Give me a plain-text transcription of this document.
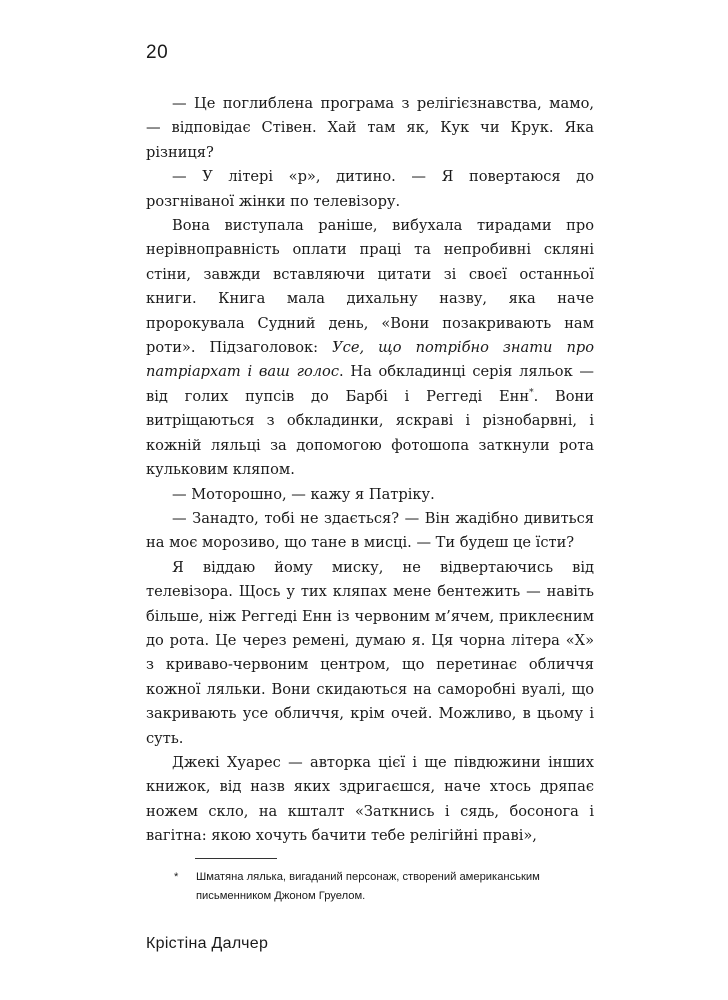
20

— Це поглиблена програма з релігієзнавства, мамо, — відповідає Стівен. Хай там як, Кук чи Крук. Яка різниця?

— У літері «р», дитино. — Я повертаюся до розгніваної жінки по телевізору.

Вона виступала раніше, вибухала тирадами про нерівноправність оплати праці та непробивні скляні стіни, завжди вставляючи цитати зі своєї останньої книги. Книга мала дихальну назву, яка наче пророкувала Судний день, «Вони позакривають нам роти». Підзаголовок: Усе, що потрібно знати про патріархат і ваш голос. На обкладинці серія ляльок — від голих пупсів до Барбі і Реггеді Енн*. Вони витріщаються з обкладинки, яскраві і різнобарвні, і кожній ляльці за допомогою фотошопа заткнули рота кульковим кляпом.

— Моторошно, — кажу я Патріку.

— Занадто, тобі не здається? — Він жадібно дивиться на моє морозиво, що тане в мисці. — Ти будеш це їсти?

Я віддаю йому миску, не відвертаючись від телевізора. Щось у тих кляпах мене бентежить — навіть більше, ніж Реггеді Енн із червоним м’ячем, приклеєним до рота. Це через ремені, думаю я. Ця чорна літера «Х» з криваво-червоним центром, що перетинає обличчя кожної ляльки. Вони скидаються на саморобні вуалі, що закривають усе обличчя, крім очей. Можливо, в цьому і суть.

Джекі Хуарес — авторка цієї і ще півдюжини інших книжок, від назв яких здригаєшся, наче хтось дряпає ножем скло, на кшталт «Заткнись і сядь, босонога і вагітна: якою хочуть бачити тебе релігійні праві»,

* Шматяна лялька, вигаданий персонаж, створений американським письменником Джоном Груелом.
Крістіна Далчер
